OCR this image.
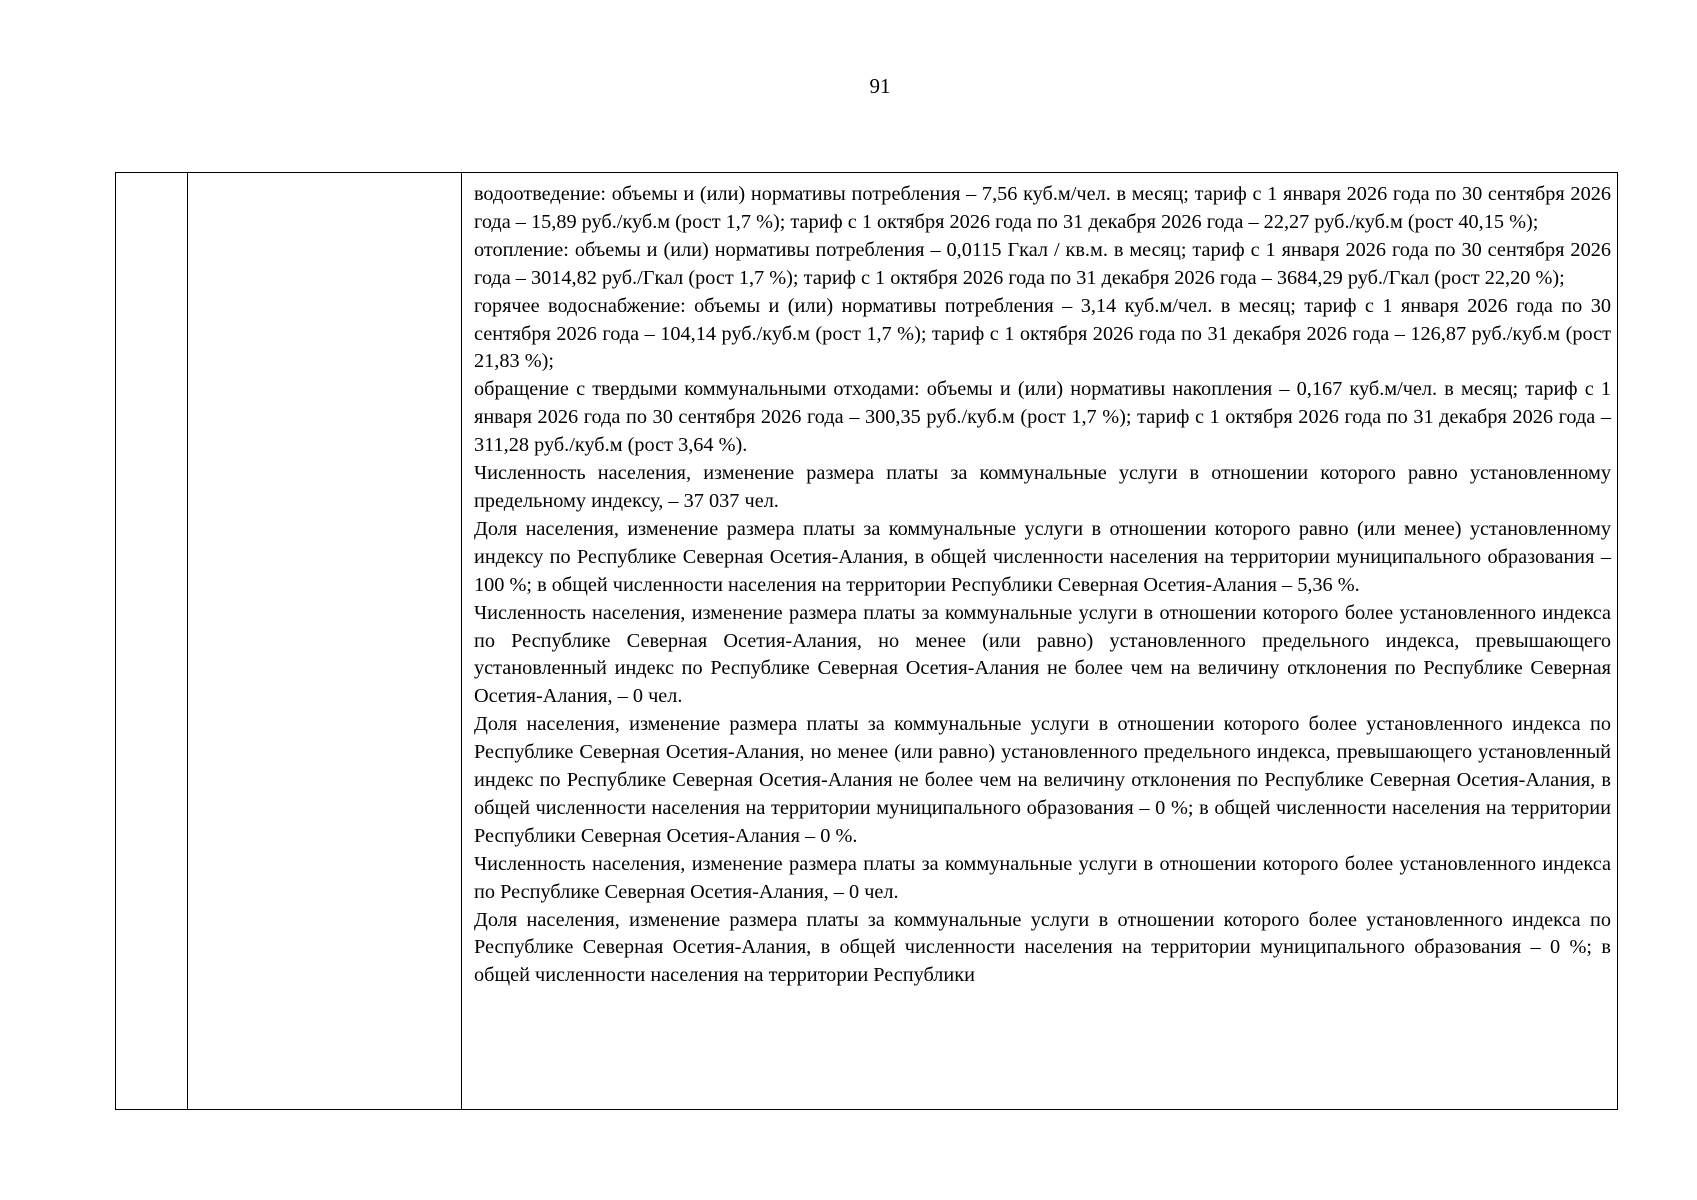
91

водоотведение: объемы и (или) нормативы потребления – 7,56 куб.м/чел. в месяц; тариф с 1 января 2026 года по 30 сентября 2026 года – 15,89 руб./куб.м (рост 1,7 %); тариф с 1 октября 2026 года по 31 декабря 2026 года – 22,27 руб./куб.м (рост 40,15 %);

отопление: объемы и (или) нормативы потребления – 0,0115 Гкал / кв.м. в месяц; тариф с 1 января 2026 года по 30 сентября 2026 года – 3014,82 руб./Гкал (рост 1,7 %); тариф с 1 октября 2026 года по 31 декабря 2026 года – 3684,29 руб./Гкал (рост 22,20 %);

горячее водоснабжение: объемы и (или) нормативы потребления – 3,14 куб.м/чел. в месяц; тариф с 1 января 2026 года по 30 сентября 2026 года – 104,14 руб./куб.м (рост 1,7 %); тариф с 1 октября 2026 года по 31 декабря 2026 года – 126,87 руб./куб.м (рост 21,83 %);

обращение с твердыми коммунальными отходами: объемы и (или) нормативы накопления – 0,167 куб.м/чел. в месяц; тариф с 1 января 2026 года по 30 сентября 2026 года – 300,35 руб./куб.м (рост 1,7 %); тариф с 1 октября 2026 года по 31 декабря 2026 года –311,28 руб./куб.м (рост 3,64 %).

Численность населения, изменение размера платы за коммунальные услуги в отношении которого равно установленному предельному индексу, – 37 037 чел.

Доля населения, изменение размера платы за коммунальные услуги в отношении которого равно (или менее) установленному индексу по Республике Северная Осетия-Алания, в общей численности населения на территории муниципального образования – 100 %; в общей численности населения на территории Республики Северная Осетия-Алания – 5,36 %.

Численность населения, изменение размера платы за коммунальные услуги в отношении которого более установленного индекса по Республике Северная Осетия-Алания, но менее (или равно) установленного предельного индекса, превышающего установленный индекс по Республике Северная Осетия-Алания не более чем на величину отклонения по Республике Северная Осетия-Алания, – 0 чел.

Доля населения, изменение размера платы за коммунальные услуги в отношении которого более установленного индекса по Республике Северная Осетия-Алания, но менее (или равно) установленного предельного индекса, превышающего установленный индекс по Республике Северная Осетия-Алания не более чем на величину отклонения по Республике Северная Осетия-Алания, в общей численности населения на территории муниципального образования – 0 %; в общей численности населения на территории Республики Северная Осетия-Алания – 0 %.

Численность населения, изменение размера платы за коммунальные услуги в отношении которого более установленного индекса по Республике Северная Осетия-Алания, – 0 чел.

Доля населения, изменение размера платы за коммунальные услуги в отношении которого более установленного индекса по Республике Северная Осетия-Алания, в общей численности населения на территории муниципального образования – 0 %; в общей численности населения на территории Республики
